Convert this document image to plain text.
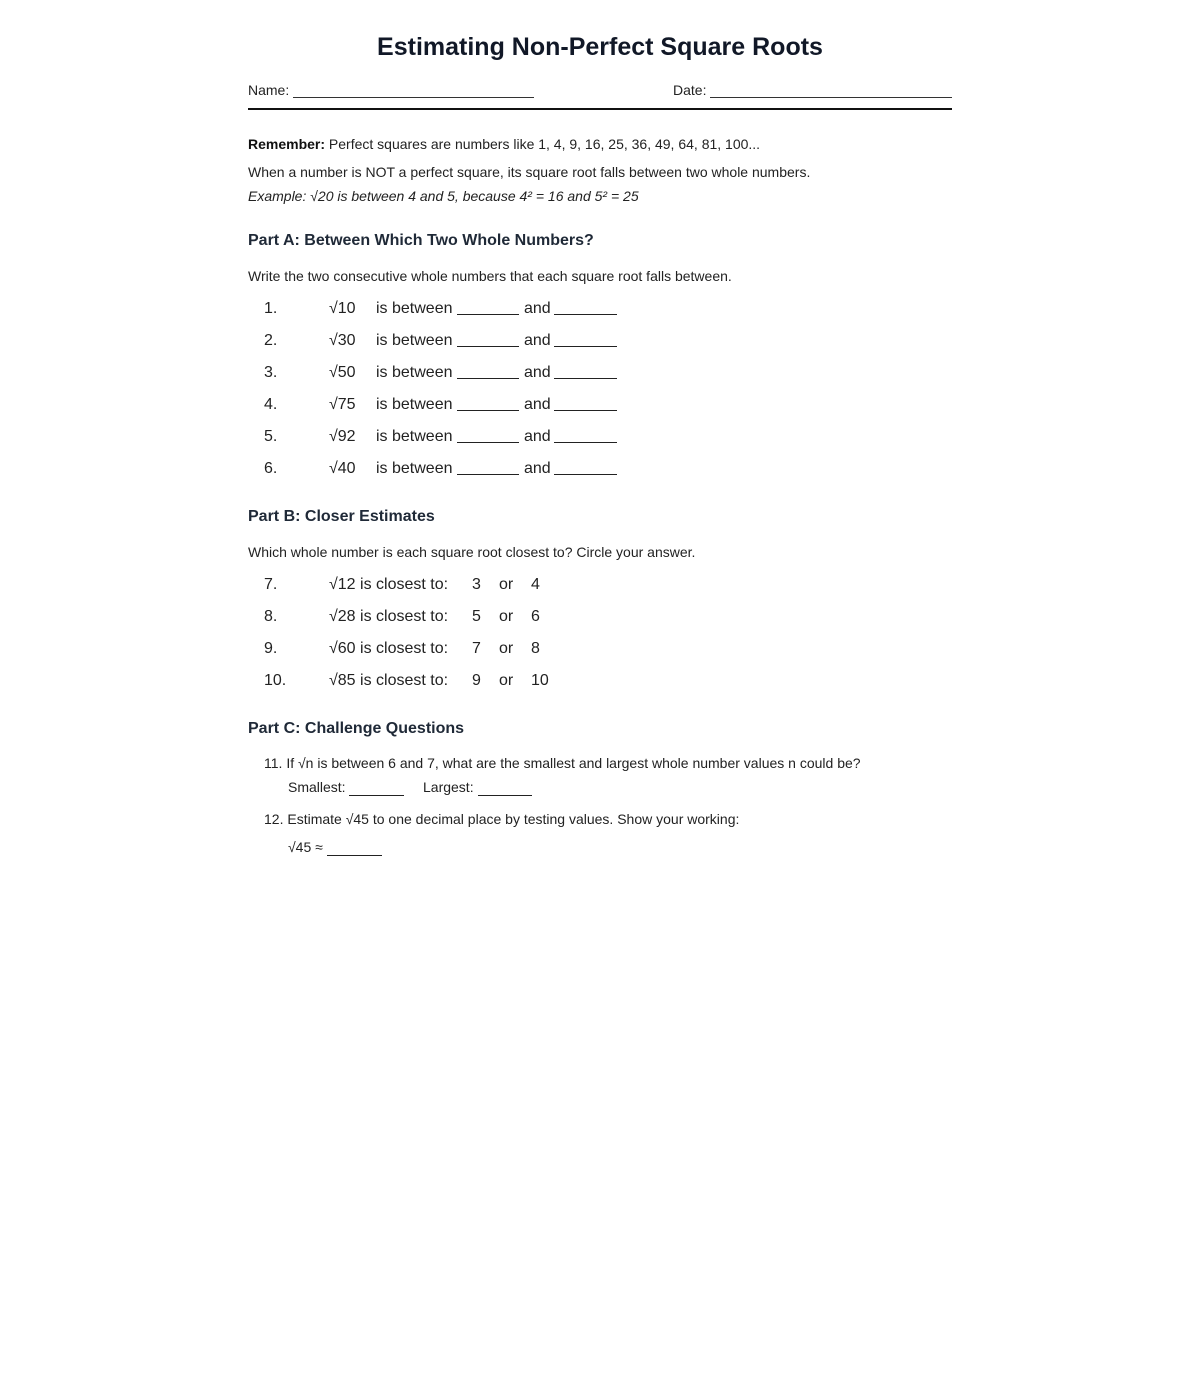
Estimating Non-Perfect Square Roots
Name:	Date:
Remember: Perfect squares are numbers like 1, 4, 9, 16, 25, 36, 49, 64, 81, 100...
When a number is NOT a perfect square, its square root falls between two whole numbers.
Example: √20 is between 4 and 5, because 4² = 16 and 5² = 25
Part A: Between Which Two Whole Numbers?
Write the two consecutive whole numbers that each square root falls between.
1.	√10 is between	and
2.	√30 is between	and
3.	√50 is between	and
4.	√75 is between	and
5.	√92 is between	and
6.	√40 is between	and
Part B: Closer Estimates
Which whole number is each square root closest to? Circle your answer.
7.	√12 is closest to: 3 or 4
8.	√28 is closest to: 5 or 6
9.	√60 is closest to: 7 or 8
10.	√85 is closest to: 9 or 10
Part C: Challenge Questions
11. If √n is between 6 and 7, what are the smallest and largest whole number values n could be?
Smallest:	Largest:
12. Estimate √45 to one decimal place by testing values. Show your working:
√45 ≈
